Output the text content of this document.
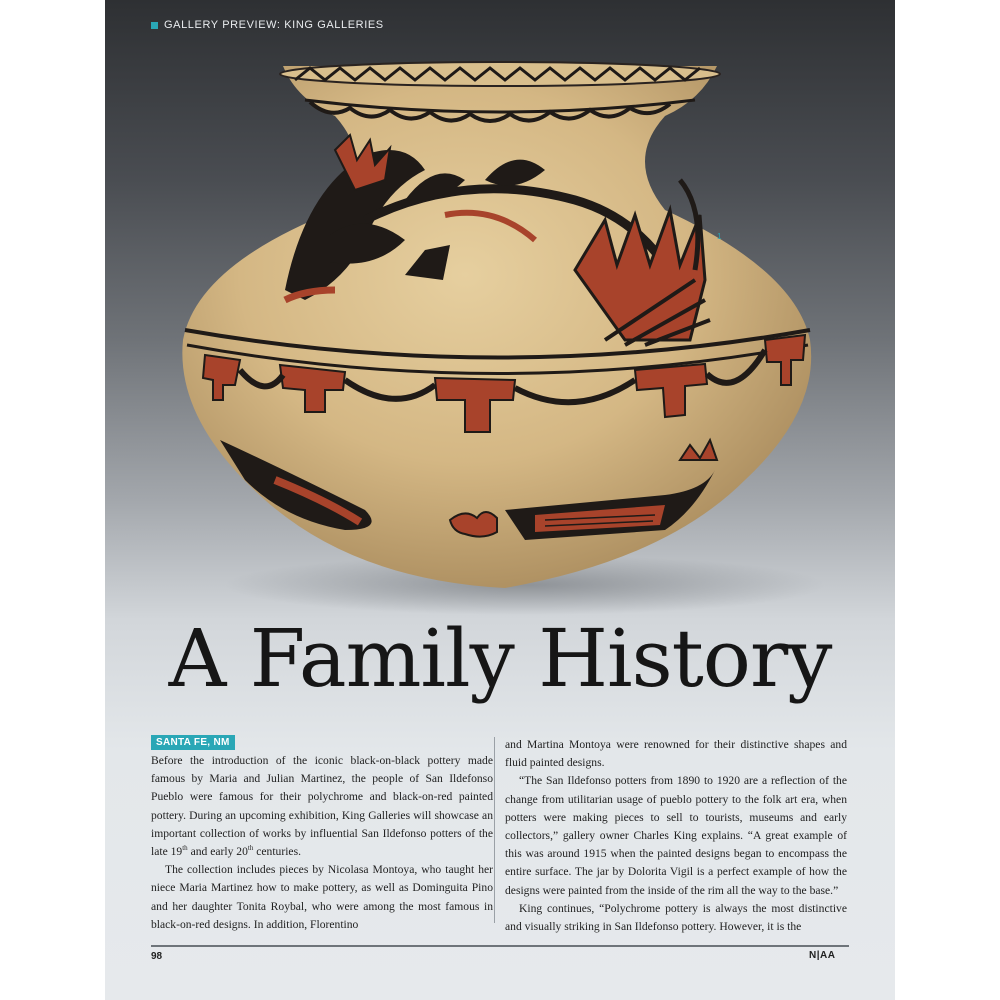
GALLERY PREVIEW: KING GALLERIES
1
A Family History
SANTA FE, NM

Before the introduction of the iconic black-on-black pottery made famous by Maria and Julian Martinez, the people of San Ildefonso Pueblo were famous for their polychrome and black-on-red painted pottery. During an upcoming exhibition, King Galleries will showcase an important collection of works by influential San Ildefonso potters of the late 19th and early 20th centuries.

The collection includes pieces by Nicolasa Montoya, who taught her niece Maria Martinez how to make pottery, as well as Dominguita Pino and her daughter Tonita Roybal, who were among the most famous in black-on-red designs. In addition, Florentino

and Martina Montoya were renowned for their distinctive shapes and fluid painted designs.

“The San Ildefonso potters from 1890 to 1920 are a reflection of the change from utilitarian usage of pueblo pottery to the folk art era, when potters were making pieces to sell to tourists, museums and early collectors,” gallery owner Charles King explains. “A great example of this was around 1915 when the painted designs began to encompass the entire surface. The jar by Dolorita Vigil is a perfect example of how the designs were painted from the inside of the rim all the way to the base.”

King continues, “Polychrome pottery is always the most distinctive and visually striking in San Ildefonso pottery. However, it is the

98	N|AA
